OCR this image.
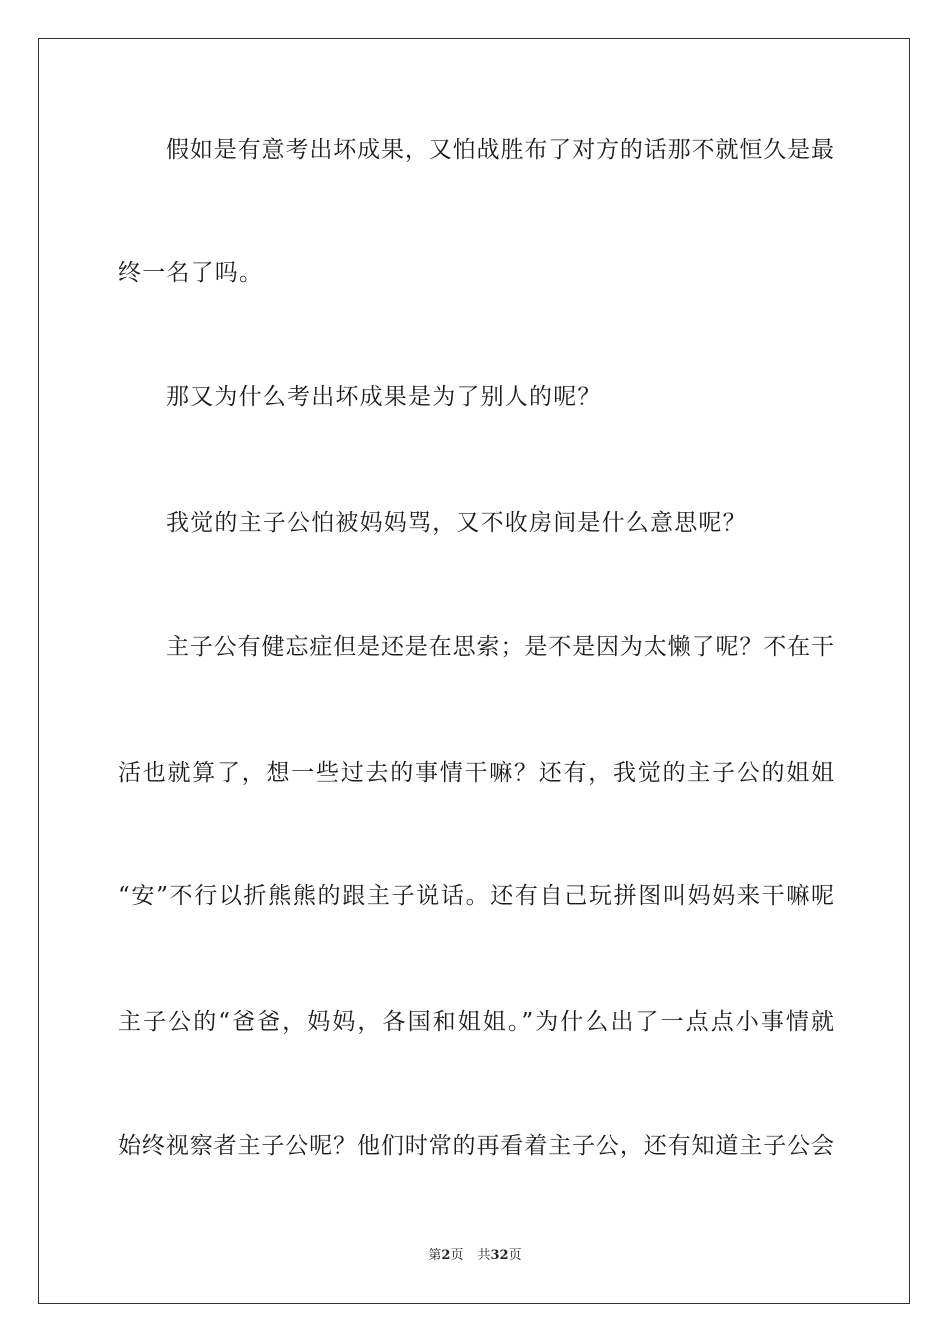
假如是有意考出坏成果，又怕战胜布了对方的话那不就恒久是最
终一名了吗。
那又为什么考出坏成果是为了别人的呢？
我觉的主子公怕被妈妈骂，又不收房间是什么意思呢？
主子公有健忘症但是还是在思索；是不是因为太懒了呢？不在干
活也就算了，想一些过去的事情干嘛？还有，我觉的主子公的姐姐
“安”不行以折熊熊的跟主子说话。还有自己玩拼图叫妈妈来干嘛呢
主子公的“爸爸，妈妈，各国和姐姐。”为什么出了一点点小事情就
始终视察者主子公呢？他们时常的再看着主子公，还有知道主子公会
第2页 共32页
